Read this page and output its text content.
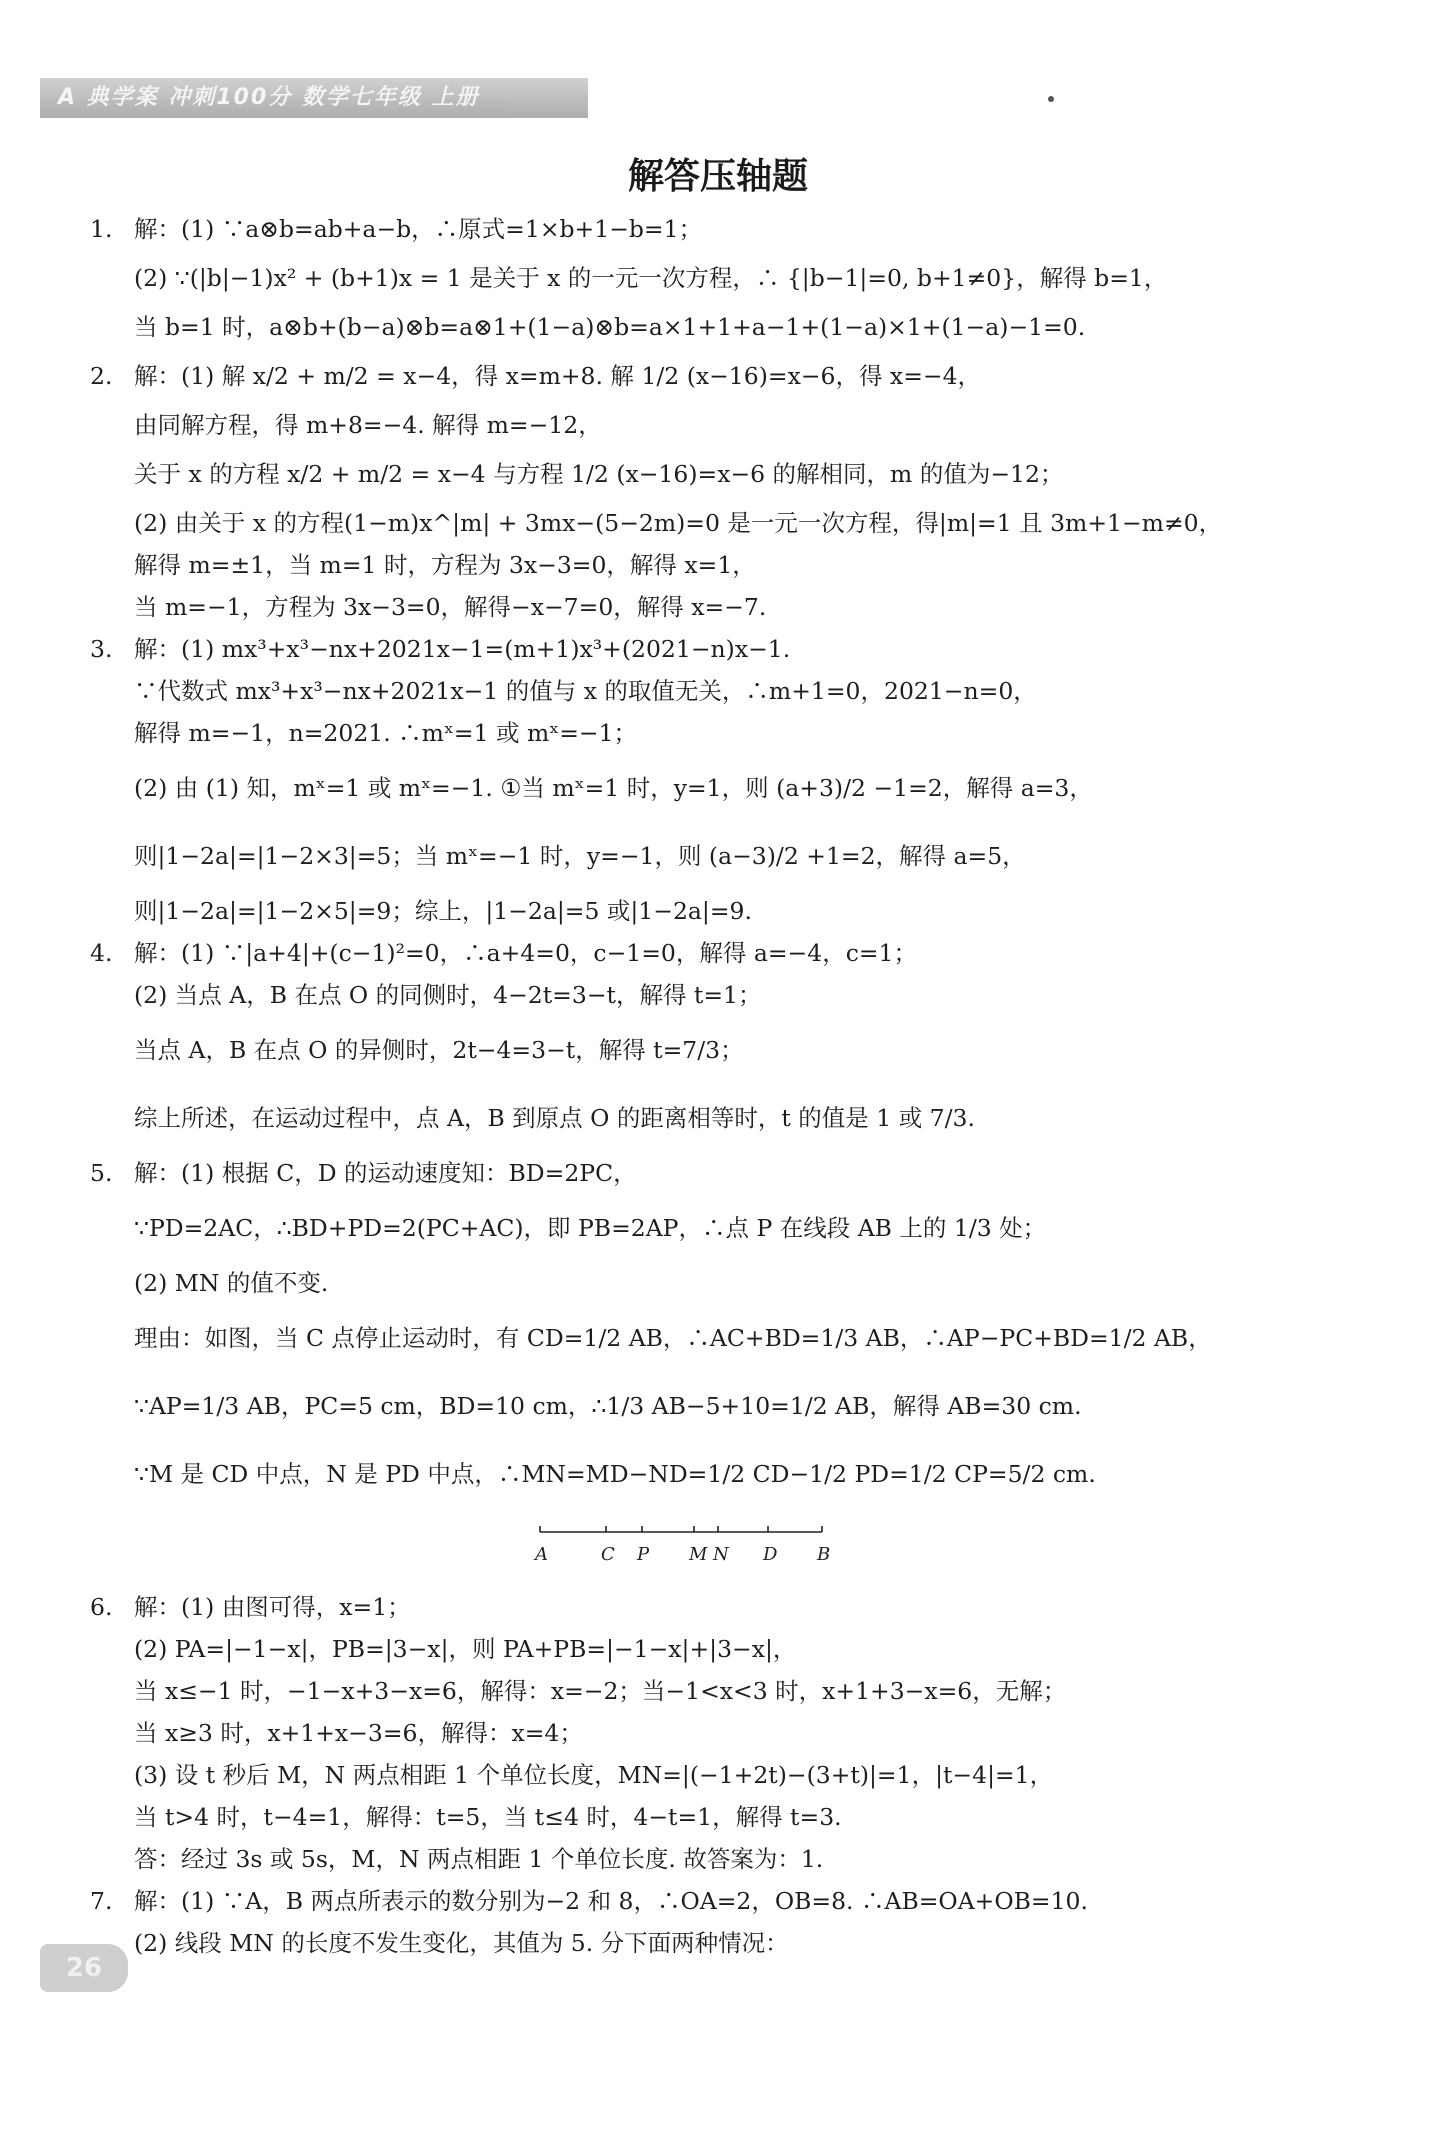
A 典学案 冲刺100分 数学七年级 上册
解答压轴题
1. 解：(1) ∵a⊗b=ab+a−b，∴原式=1×b+1−b=1；
(2) ∵(|b|−1)x² + (b+1)x = 1 是关于 x 的一元一次方程，∴ {|b−1|=0, b+1≠0}，解得 b=1，
当 b=1 时，a⊗b+(b−a)⊗b=a⊗1+(1−a)⊗b=a×1+1+a−1+(1−a)×1+(1−a)−1=0.
2. 解：(1) 解 x/2 + m/2 = x−4，得 x=m+8. 解 1/2 (x−16)=x−6，得 x=−4，
由同解方程，得 m+8=−4. 解得 m=−12，
关于 x 的方程 x/2 + m/2 = x−4 与方程 1/2 (x−16)=x−6 的解相同，m 的值为−12；
(2) 由关于 x 的方程(1−m)x^|m| + 3mx−(5−2m)=0 是一元一次方程，得|m|=1 且 3m+1−m≠0，
解得 m=±1，当 m=1 时，方程为 3x−3=0，解得 x=1，
当 m=−1，方程为 3x−3=0，解得−x−7=0，解得 x=−7.
3. 解：(1) mx³+x³−nx+2021x−1=(m+1)x³+(2021−n)x−1.
∵代数式 mx³+x³−nx+2021x−1 的值与 x 的取值无关，∴m+1=0，2021−n=0，
解得 m=−1，n=2021. ∴mˣ=1 或 mˣ=−1；
(2) 由 (1) 知，mˣ=1 或 mˣ=−1. ①当 mˣ=1 时，y=1，则 (a+3)/2 −1=2，解得 a=3，
则|1−2a|=|1−2×3|=5；当 mˣ=−1 时，y=−1，则 (a−3)/2 +1=2，解得 a=5，
则|1−2a|=|1−2×5|=9；综上，|1−2a|=5 或|1−2a|=9.
4. 解：(1) ∵|a+4|+(c−1)²=0，∴a+4=0，c−1=0，解得 a=−4，c=1；
(2) 当点 A，B 在点 O 的同侧时，4−2t=3−t，解得 t=1；
当点 A，B 在点 O 的异侧时，2t−4=3−t，解得 t=7/3；
综上所述，在运动过程中，点 A，B 到原点 O 的距离相等时，t 的值是 1 或 7/3.
5. 解：(1) 根据 C，D 的运动速度知：BD=2PC，
∵PD=2AC，∴BD+PD=2(PC+AC)，即 PB=2AP，∴点 P 在线段 AB 上的 1/3 处；
(2) MN 的值不变.
理由：如图，当 C 点停止运动时，有 CD=1/2 AB，∴AC+BD=1/3 AB，∴AP−PC+BD=1/2 AB，
∵AP=1/3 AB，PC=5 cm，BD=10 cm，∴1/3 AB−5+10=1/2 AB，解得 AB=30 cm.
∵M 是 CD 中点，N 是 PD 中点，∴MN=MD−ND=1/2 CD−1/2 PD=1/2 CP=5/2 cm.
A	C P M N D B
6. 解：(1) 由图可得，x=1；
(2) PA=|−1−x|，PB=|3−x|，则 PA+PB=|−1−x|+|3−x|，
当 x≤−1 时，−1−x+3−x=6，解得：x=−2；当−1<x<3 时，x+1+3−x=6，无解；
当 x≥3 时，x+1+x−3=6，解得：x=4；
(3) 设 t 秒后 M，N 两点相距 1 个单位长度，MN=|(−1+2t)−(3+t)|=1，|t−4|=1，
当 t>4 时，t−4=1，解得：t=5，当 t≤4 时，4−t=1，解得 t=3.
答：经过 3s 或 5s，M，N 两点相距 1 个单位长度. 故答案为：1.
7. 解：(1) ∵A，B 两点所表示的数分别为−2 和 8，∴OA=2，OB=8. ∴AB=OA+OB=10.
(2) 线段 MN 的长度不发生变化，其值为 5. 分下面两种情况：
26
